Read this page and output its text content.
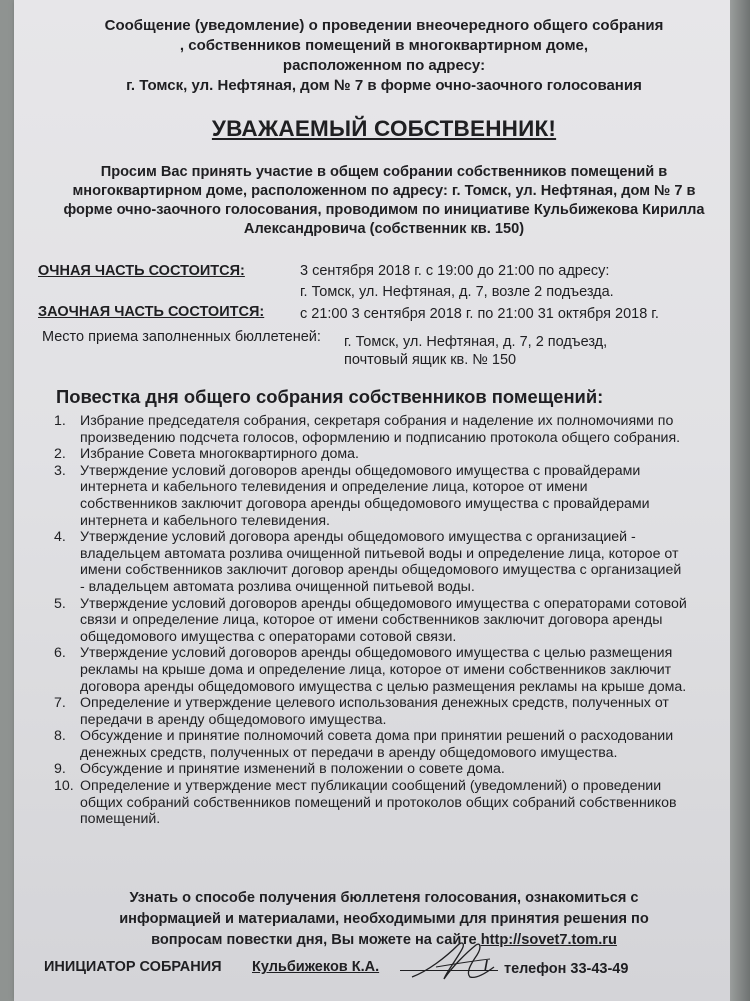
Сообщение (уведомление) о проведении внеочередного общего собрания
, собственников помещений в многоквартирном доме,
расположенном по адресу:
г. Томск, ул. Нефтяная, дом № 7 в форме очно-заочного голосования
УВАЖАЕМЫЙ СОБСТВЕННИК!
Просим Вас принять участие в общем собрании собственников помещений в
многоквартирном доме, расположенном по адресу: г. Томск, ул. Нефтяная, дом № 7 в
форме очно-заочного голосования, проводимом по инициативе Кульбижекова Кирилла
Александровича (собственник кв. 150)
ОЧНАЯ ЧАСТЬ СОСТОИТСЯ:	3 сентября 2018 г. с 19:00 до 21:00 по адресу:
г. Томск, ул. Нефтяная, д. 7, возле 2 подъезда.
ЗАОЧНАЯ ЧАСТЬ СОСТОИТСЯ: с 21:00 3 сентября 2018 г. по 21:00 31 октября 2018 г.
Место приема заполненных бюллетеней: г. Томск, ул. Нефтяная, д. 7, 2 подъезд,
почтовый ящик кв. № 150
Повестка дня общего собрания собственников помещений:
1. Избрание председателя собрания, секретаря собрания и наделение их полномочиями по
произведению подсчета голосов, оформлению и подписанию протокола общего собрания.
2. Избрание Совета многоквартирного дома.
3. Утверждение условий договоров аренды общедомового имущества с провайдерами
интернета и кабельного телевидения и определение лица, которое от имени
собственников заключит договора аренды общедомового имущества с провайдерами
интернета и кабельного телевидения.
4. Утверждение условий договора аренды общедомового имущества с организацией -
владельцем автомата розлива очищенной питьевой воды и определение лица, которое от
имени собственников заключит договор аренды общедомового имущества с организацией
- владельцем автомата розлива очищенной питьевой воды.
5. Утверждение условий договоров аренды общедомового имущества с операторами сотовой
связи и определение лица, которое от имени собственников заключит договора аренды
общедомового имущества с операторами сотовой связи.
6. Утверждение условий договоров аренды общедомового имущества с целью размещения
рекламы на крыше дома и определение лица, которое от имени собственников заключит
договора аренды общедомового имущества с целью размещения рекламы на крыше дома.
7. Определение и утверждение целевого использования денежных средств, полученных от
передачи в аренду общедомового имущества.
8. Обсуждение и принятие полномочий совета дома при принятии решений о расходовании
денежных средств, полученных от передачи в аренду общедомового имущества.
9. Обсуждение и принятие изменений в положении о совете дома.
10. Определение и утверждение мест публикации сообщений (уведомлений) о проведении
общих собраний собственников помещений и протоколов общих собраний собственников
помещений.
Узнать о способе получения бюллетеня голосования, ознакомиться с
информацией и материалами, необходимыми для принятия решения по
вопросам повестки дня, Вы можете на сайте http://sovet7.tom.ru
ИНИЦИАТОР СОБРАНИЯ Кульбижеков К.А.	/ телефон 33-43-49
